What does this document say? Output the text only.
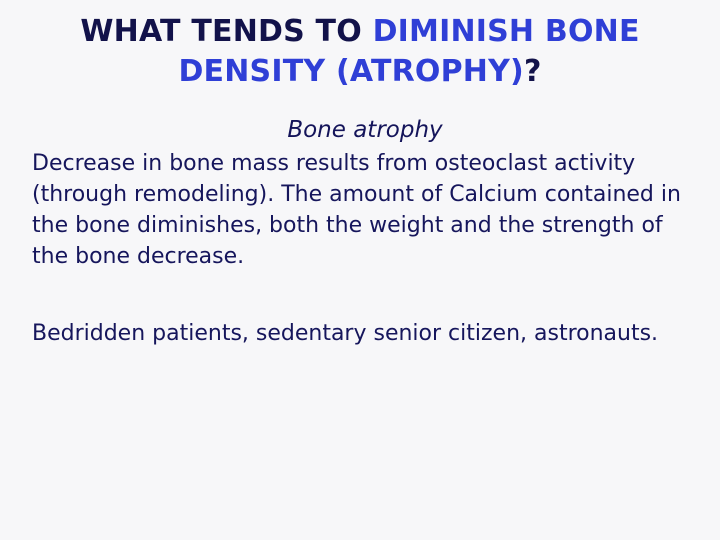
WHAT TENDS TO DIMINISH BONE DENSITY (ATROPHY)?
Bone atrophy
Decrease in bone mass results from osteoclast activity (through remodeling). The amount of Calcium contained in the bone diminishes, both the weight and the strength of the bone decrease.
Bedridden patients, sedentary senior citizen, astronauts.
